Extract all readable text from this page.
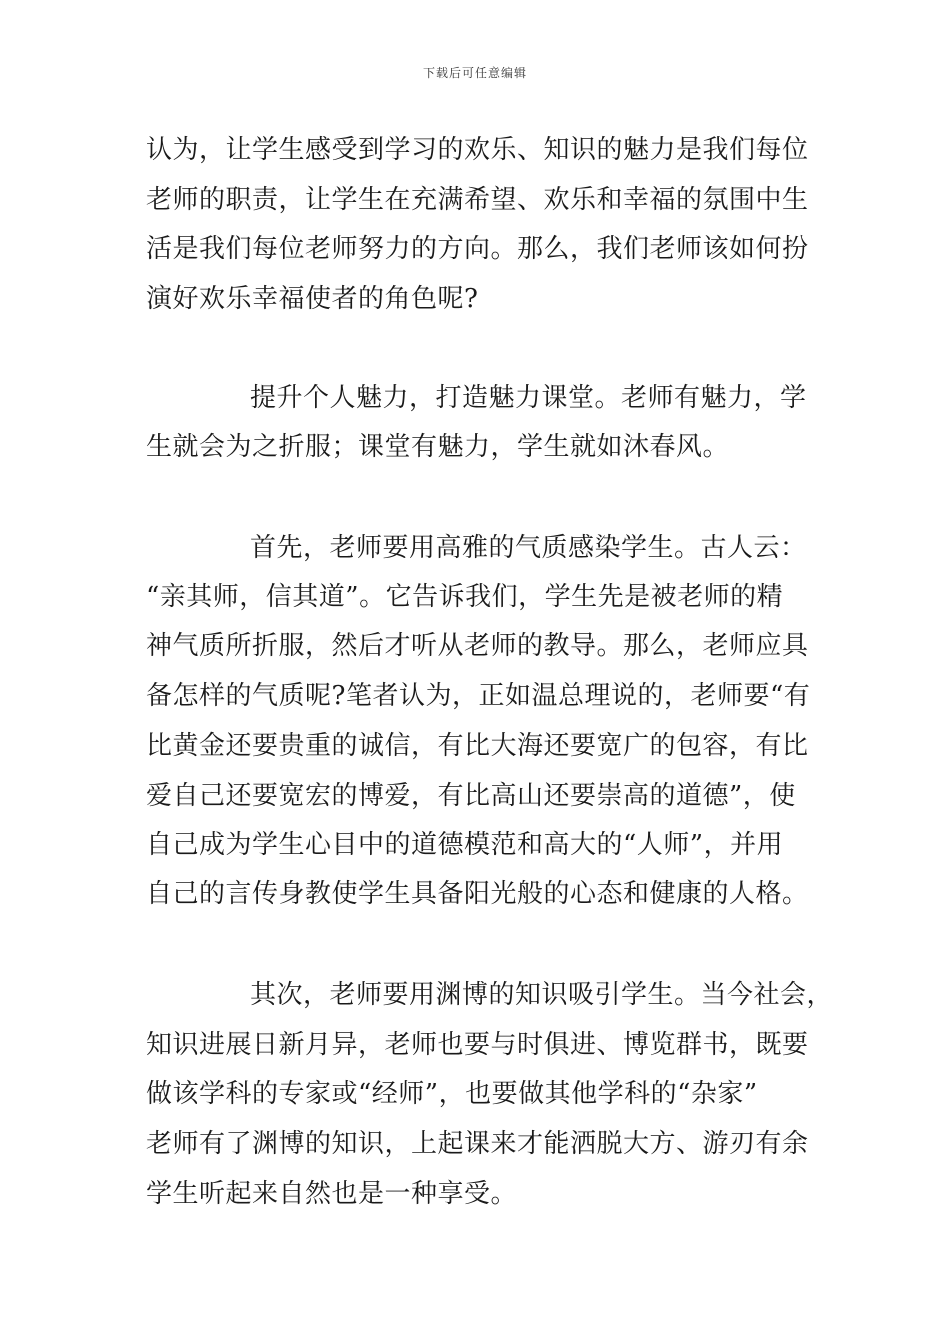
下载后可任意编辑
认为，让学生感受到学习的欢乐、知识的魅力是我们每位
老师的职责，让学生在充满希望、欢乐和幸福的氛围中生
活是我们每位老师努力的方向。那么，我们老师该如何扮
演好欢乐幸福使者的角色呢?
提升个人魅力，打造魅力课堂。老师有魅力，学
生就会为之折服；课堂有魅力，学生就如沐春风。
首先，老师要用高雅的气质感染学生。古人云：
“亲其师，信其道”。它告诉我们，学生先是被老师的精
神气质所折服，然后才听从老师的教导。那么，老师应具
备怎样的气质呢?笔者认为，正如温总理说的，老师要“有
比黄金还要贵重的诚信，有比大海还要宽广的包容，有比
爱自己还要宽宏的博爱，有比高山还要崇高的道德”，使
自己成为学生心目中的道德模范和高大的“人师”，并用
自己的言传身教使学生具备阳光般的心态和健康的人格。
其次，老师要用渊博的知识吸引学生。当今社会，
知识进展日新月异，老师也要与时俱进、博览群书，既要
做该学科的专家或“经师”，也要做其他学科的“杂家”
老师有了渊博的知识，上起课来才能洒脱大方、游刃有余
学生听起来自然也是一种享受。
